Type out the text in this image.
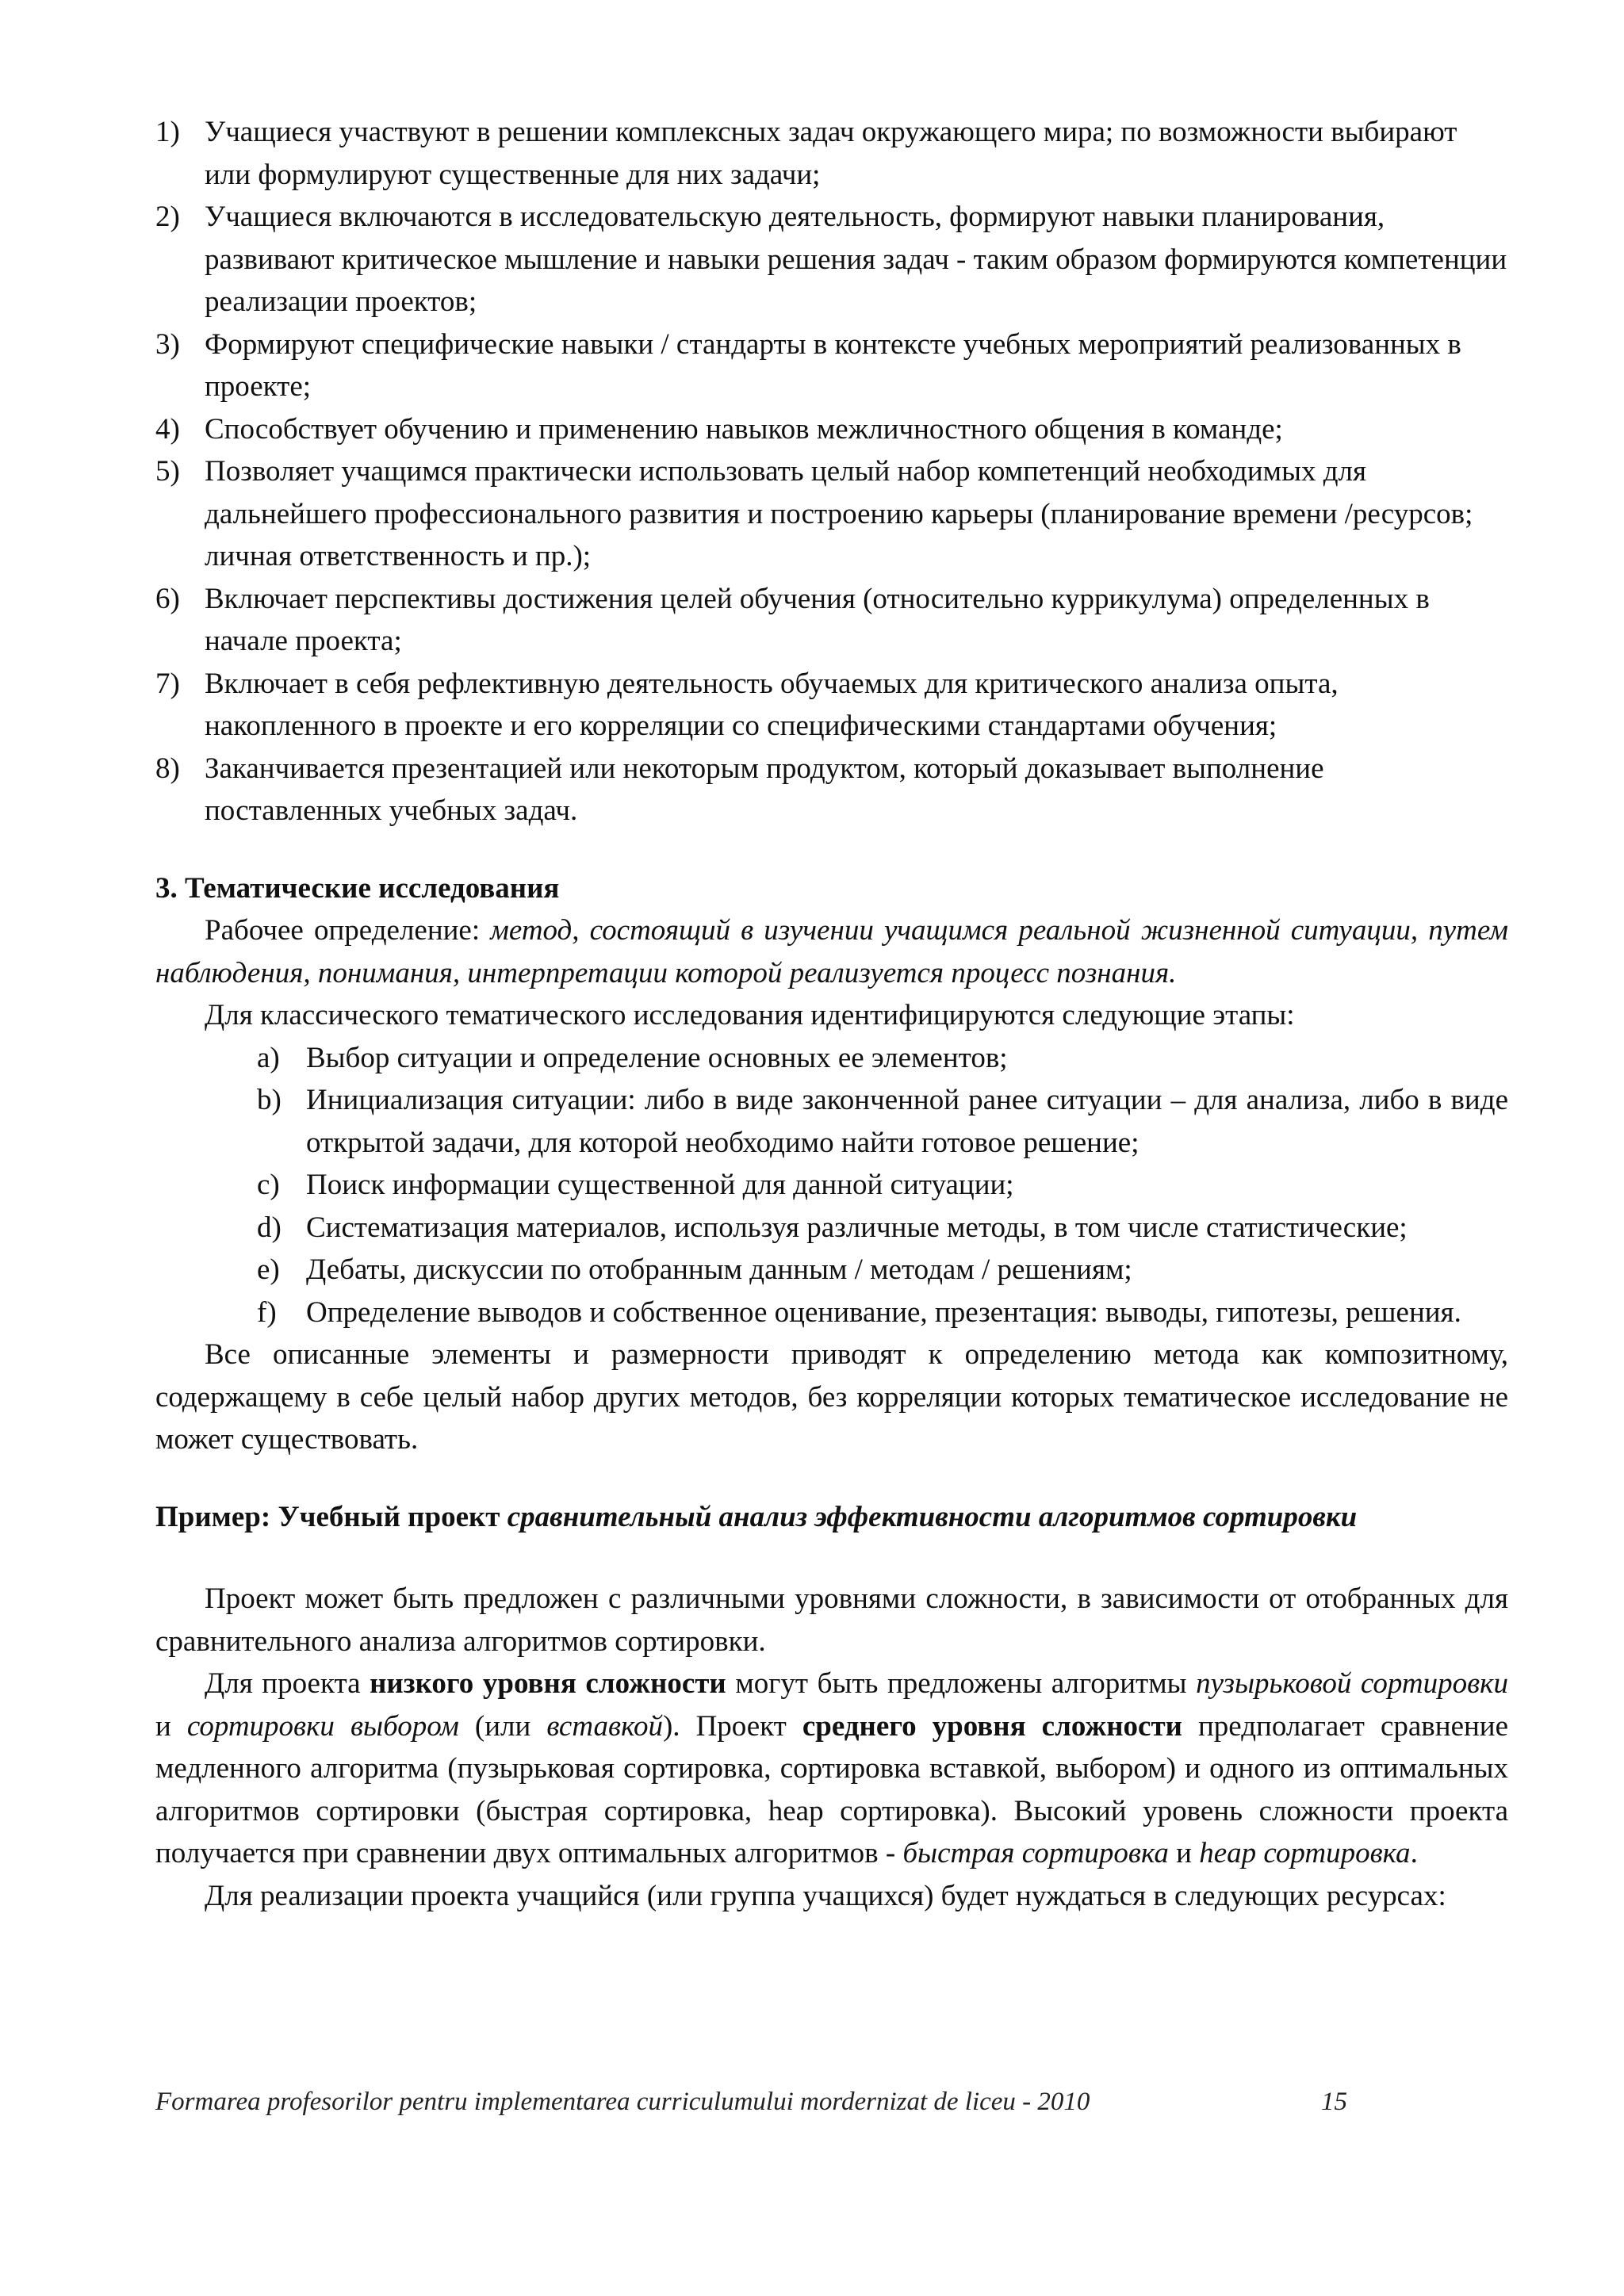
1) Учащиеся участвуют в решении комплексных задач окружающего мира; по возможности выбирают или формулируют существенные для них задачи;
2) Учащиеся включаются в исследовательскую деятельность, формируют навыки планирования, развивают критическое мышление и навыки решения задач - таким образом формируются компетенции реализации проектов;
3) Формируют специфические навыки / стандарты в контексте учебных мероприятий реализованных в проекте;
4) Способствует обучению и применению навыков межличностного общения в команде;
5) Позволяет учащимся практически использовать целый набор компетенций необходимых для дальнейшего профессионального развития и построению карьеры (планирование времени /ресурсов; личная ответственность и пр.);
6) Включает перспективы достижения целей обучения (относительно куррикулума) определенных в начале проекта;
7) Включает в себя рефлективную деятельность обучаемых для критического анализа опыта, накопленного в проекте и его корреляции со специфическими стандартами обучения;
8) Заканчивается презентацией или некоторым продуктом, который доказывает выполнение поставленных учебных задач.
3. Тематические исследования

Рабочее определение: метод, состоящий в изучении учащимся реальной жизненной ситуации, путем наблюдения, понимания, интерпретации которой реализуется процесс познания.

Для классического тематического исследования идентифицируются следующие этапы:

a) Выбор ситуации и определение основных ее элементов;
b) Инициализация ситуации: либо в виде законченной ранее ситуации – для анализа, либо в виде открытой задачи, для которой необходимо найти готовое решение;
c) Поиск информации существенной для данной ситуации;
d) Систематизация материалов, используя различные методы, в том числе статистические;
e) Дебаты, дискуссии по отобранным данным / методам / решениям;
f) Определение выводов и собственное оценивание, презентация: выводы, гипотезы, решения.

Все описанные элементы и размерности приводят к определению метода как композитному, содержащему в себе целый набор других методов, без корреляции которых тематическое исследование не может существовать.

Пример: Учебный проект сравнительный анализ эффективности алгоритмов сортировки

Проект может быть предложен с различными уровнями сложности, в зависимости от отобранных для сравнительного анализа алгоритмов сортировки.

Для проекта низкого уровня сложности могут быть предложены алгоритмы пузырьковой сортировки и сортировки выбором (или вставкой). Проект среднего уровня сложности предполагает сравнение медленного алгоритма (пузырьковая сортировка, сортировка вставкой, выбором) и одного из оптимальных алгоритмов сортировки (быстрая сортировка, heap сортировка). Высокий уровень сложности проекта получается при сравнении двух оптимальных алгоритмов - быстрая сортировка и heap сортировка.

Для реализации проекта учащийся (или группа учащихся) будет нуждаться в следующих ресурсах:

Formarea profesorilor pentru implementarea curriculumului mordernizat de liceu - 2010	15
